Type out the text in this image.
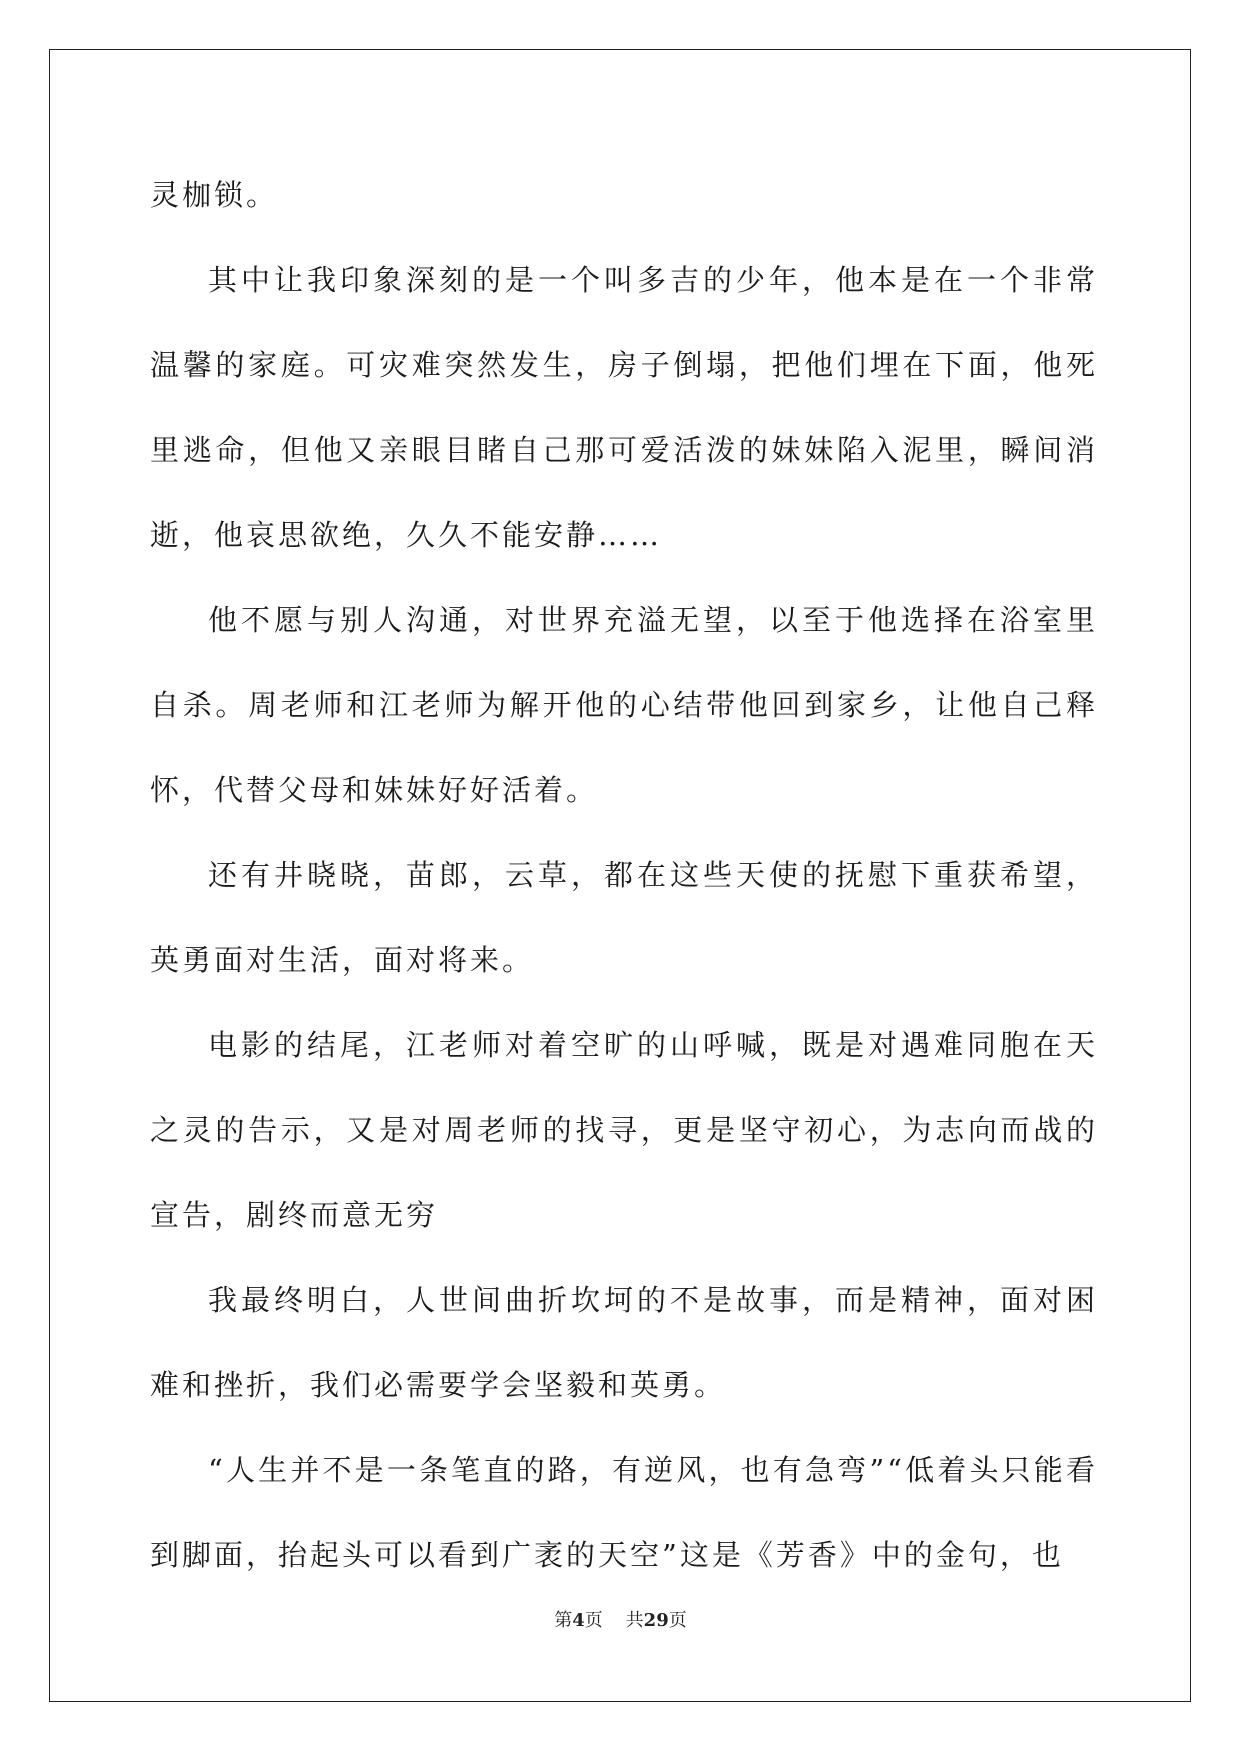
灵枷锁。

其中让我印象深刻的是一个叫多吉的少年，他本是在一个非常温馨的家庭。可灾难突然发生，房子倒塌，把他们埋在下面，他死里逃命，但他又亲眼目睹自己那可爱活泼的妹妹陷入泥里，瞬间消逝，他哀思欲绝，久久不能安静……

他不愿与别人沟通，对世界充溢无望，以至于他选择在浴室里自杀。周老师和江老师为解开他的心结带他回到家乡，让他自己释怀，代替父母和妹妹好好活着。

还有井晓晓，苗郎，云草，都在这些天使的抚慰下重获希望，英勇面对生活，面对将来。

电影的结尾，江老师对着空旷的山呼喊，既是对遇难同胞在天之灵的告示，又是对周老师的找寻，更是坚守初心，为志向而战的宣告，剧终而意无穷

我最终明白，人世间曲折坎坷的不是故事，而是精神，面对困难和挫折，我们必需要学会坚毅和英勇。

“人生并不是一条笔直的路，有逆风，也有急弯”“低着头只能看到脚面，抬起头可以看到广袤的天空”这是《芳香》中的金句，也

第4页 共29页
